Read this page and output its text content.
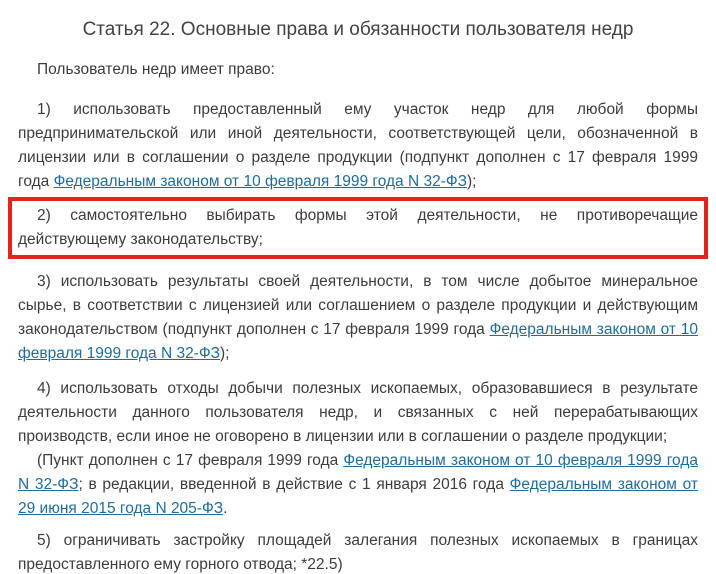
Статья 22. Основные права и обязанности пользователя недр

Пользователь недр имеет право:

1) использовать предоставленный ему участок недр для любой формы предпринимательской или иной деятельности, соответствующей цели, обозначенной в лицензии или в соглашении о разделе продукции (подпункт дополнен с 17 февраля 1999 года Федеральным законом от 10 февраля 1999 года N 32-ФЗ);

2) самостоятельно выбирать формы этой деятельности, не противоречащие действующему законодательству;

3) использовать результаты своей деятельности, в том числе добытое минеральное сырье, в соответствии с лицензией или соглашением о разделе продукции и действующим законодательством (подпункт дополнен с 17 февраля 1999 года Федеральным законом от 10 февраля 1999 года N 32-ФЗ);

4) использовать отходы добычи полезных ископаемых, образовавшиеся в результате деятельности данного пользователя недр, и связанных с ней перерабатывающих производств, если иное не оговорено в лицензии или в соглашении о разделе продукции;

(Пункт дополнен с 17 февраля 1999 года Федеральным законом от 10 февраля 1999 года N 32-ФЗ; в редакции, введенной в действие с 1 января 2016 года Федеральным законом от 29 июня 2015 года N 205-ФЗ.

5) ограничивать застройку площадей залегания полезных ископаемых в границах предоставленного ему горного отвода; *22.5)
